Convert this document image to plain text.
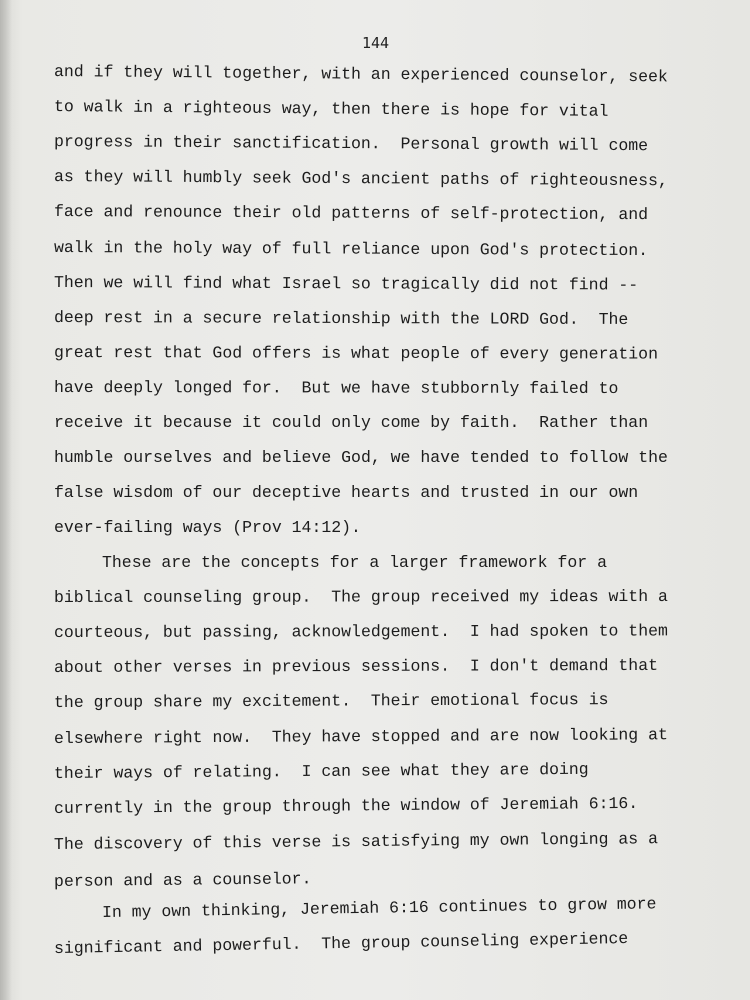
144
and if they will together, with an experienced counselor, seek
to walk in a righteous way, then there is hope for vital
progress in their sanctification.  Personal growth will come
as they will humbly seek God's ancient paths of righteousness,
face and renounce their old patterns of self-protection, and
walk in the holy way of full reliance upon God's protection.
Then we will find what Israel so tragically did not find --
deep rest in a secure relationship with the LORD God.  The
great rest that God offers is what people of every generation
have deeply longed for.  But we have stubbornly failed to
receive it because it could only come by faith.  Rather than
humble ourselves and believe God, we have tended to follow the
false wisdom of our deceptive hearts and trusted in our own
ever-failing ways (Prov 14:12).
These are the concepts for a larger framework for a
biblical counseling group.  The group received my ideas with a
courteous, but passing, acknowledgement.  I had spoken to them
about other verses in previous sessions.  I don't demand that
the group share my excitement.  Their emotional focus is
elsewhere right now.  They have stopped and are now looking at
their ways of relating.  I can see what they are doing
currently in the group through the window of Jeremiah 6:16.
The discovery of this verse is satisfying my own longing as a
person and as a counselor.
In my own thinking, Jeremiah 6:16 continues to grow more
significant and powerful.  The group counseling experience
